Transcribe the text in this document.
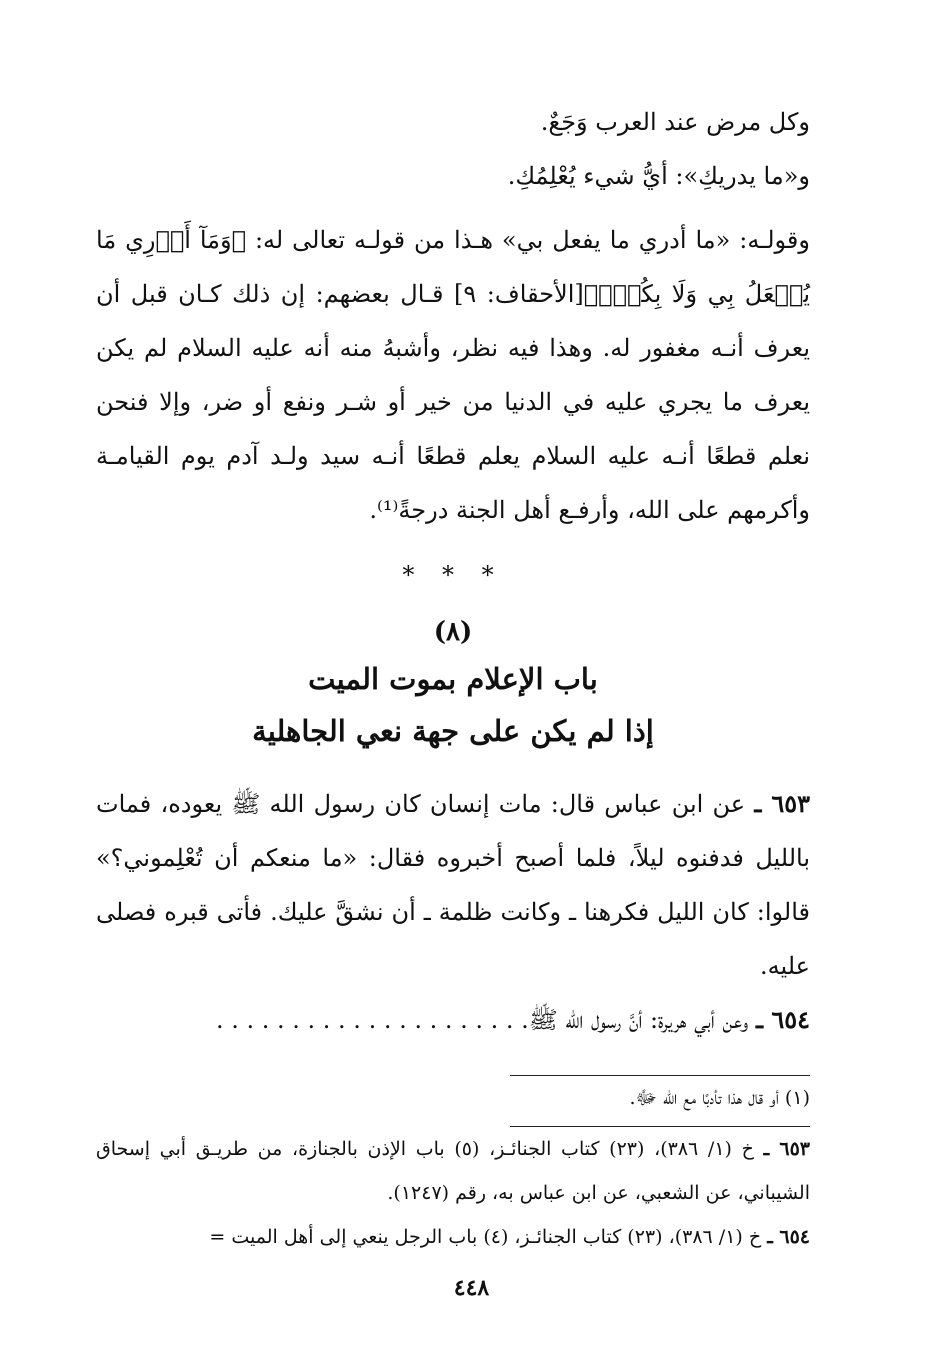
وكل مرض عند العرب وَجَعٌ.

و«ما يدريكِ»: أيُّ شيء يُعْلِمُكِ.

وقولـه: «ما أدري ما يفعل بي» هـذا من قولـه تعالى له: ﴿وَمَآ أَدۡرِي مَا يُفۡعَلُ بِي وَلَا بِكُمۡۖ﴾[الأحقاف: ٩] قـال بعضهم: إن ذلك كـان قبل أن يعرف أنـه مغفور له. وهذا فيه نظر، وأشبهُ منه أنه عليه السلام لم يكن يعرف ما يجري عليه في الدنيا من خير أو شـر ونفع أو ضر، وإلا فنحن نعلم قطعًا أنـه عليه السلام يعلم قطعًا أنـه سيد ولـد آدم يوم القيامـة وأكرمهم على الله، وأرفـع أهل الجنة درجةً⁽¹⁾.

* * *

(٨)

باب الإعلام بموت الميت

إذا لم يكن على جهة نعي الجاهلية

٦٥٣ ـ عن ابن عباس قال: مات إنسان كان رسول الله ﷺ يعوده، فمات بالليل فدفنوه ليلاً، فلما أصبح أخبروه فقال: «ما منعكم أن تُعْلِموني؟» قالوا: كان الليل فكرهنا ـ وكانت ظلمة ـ أن نشقَّ عليك. فأتى قبره فصلى عليه.

٦٥٤ ـ وعن أبي هريرة: أنَّ رسول الله ﷺ. . . . . . . . . . . . . . . . . . . . .

(١) أو قال هذا تأدبًا مع الله ﷻ.

٦٥٣ ـ خ (١/ ٣٨٦)، (٢٣) كتاب الجنائـز، (٥) باب الإذن بالجنازة، من طريـق أبي إسحاق الشيباني، عن الشعبي، عن ابن عباس به، رقم (١٢٤٧).

٦٥٤ ـ خ (١/ ٣٨٦)، (٢٣) كتاب الجنائـز، (٤) باب الرجل ينعي إلى أهل الميت =

٤٤٨
